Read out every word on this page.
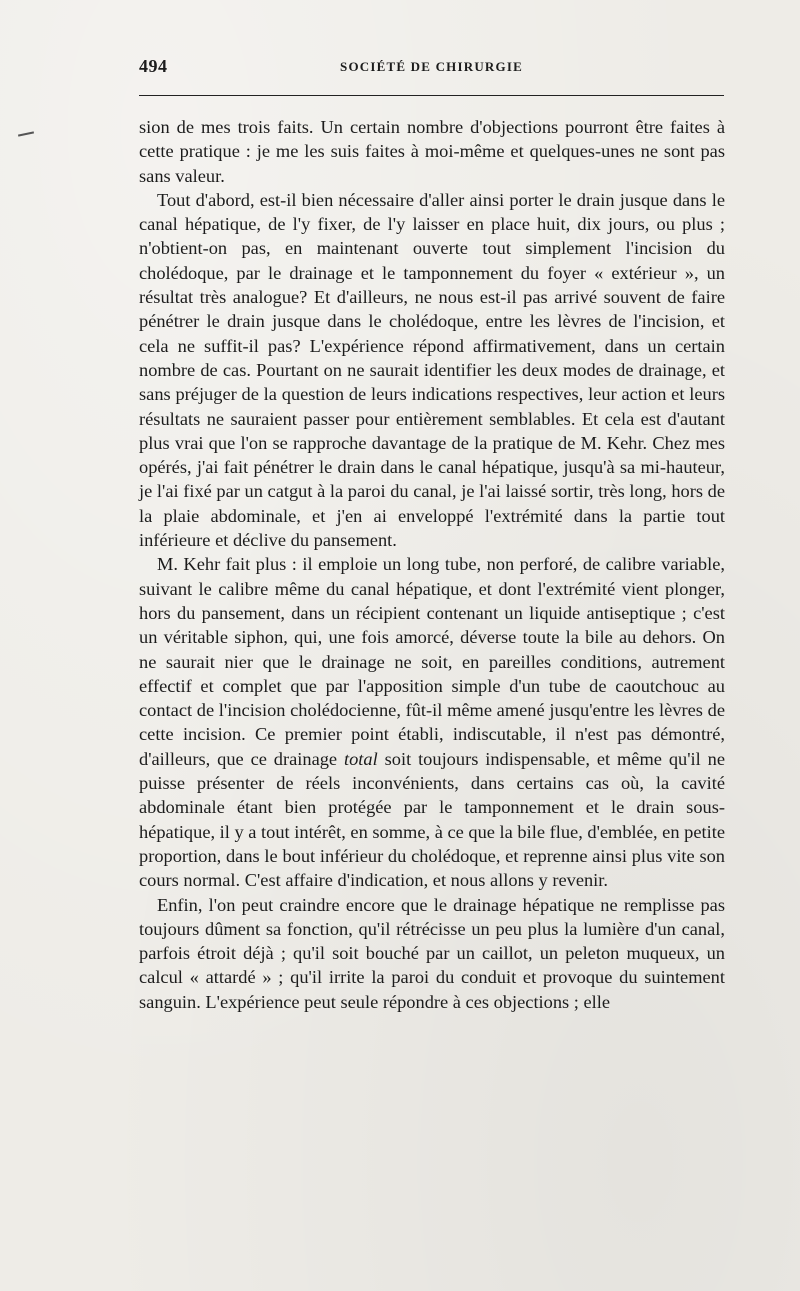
494	SOCIÉTÉ DE CHIRURGIE

sion de mes trois faits. Un certain nombre d'objections pourront être faites à cette pratique : je me les suis faites à moi-même et quelques-unes ne sont pas sans valeur.

Tout d'abord, est-il bien nécessaire d'aller ainsi porter le drain jusque dans le canal hépatique, de l'y fixer, de l'y laisser en place huit, dix jours, ou plus ; n'obtient-on pas, en maintenant ouverte tout simplement l'incision du cholédoque, par le drainage et le tamponnement du foyer « extérieur », un résultat très analogue? Et d'ailleurs, ne nous est-il pas arrivé souvent de faire pénétrer le drain jusque dans le cholédoque, entre les lèvres de l'incision, et cela ne suffit-il pas? L'expérience répond affirmativement, dans un certain nombre de cas. Pourtant on ne saurait identifier les deux modes de drainage, et sans préjuger de la question de leurs indications respectives, leur action et leurs résultats ne sauraient passer pour entièrement semblables. Et cela est d'autant plus vrai que l'on se rapproche davantage de la pratique de M. Kehr. Chez mes opérés, j'ai fait pénétrer le drain dans le canal hépatique, jusqu'à sa mi-hauteur, je l'ai fixé par un catgut à la paroi du canal, je l'ai laissé sortir, très long, hors de la plaie abdominale, et j'en ai enveloppé l'extrémité dans la partie tout inférieure et déclive du pansement.

M. Kehr fait plus : il emploie un long tube, non perforé, de calibre variable, suivant le calibre même du canal hépatique, et dont l'extrémité vient plonger, hors du pansement, dans un récipient contenant un liquide antiseptique ; c'est un véritable siphon, qui, une fois amorcé, déverse toute la bile au dehors. On ne saurait nier que le drainage ne soit, en pareilles conditions, autrement effectif et complet que par l'apposition simple d'un tube de caoutchouc au contact de l'incision cholédocienne, fût-il même amené jusqu'entre les lèvres de cette incision. Ce premier point établi, indiscutable, il n'est pas démontré, d'ailleurs, que ce drainage total soit toujours indispensable, et même qu'il ne puisse présenter de réels inconvénients, dans certains cas où, la cavité abdominale étant bien protégée par le tamponnement et le drain sous-hépatique, il y a tout intérêt, en somme, à ce que la bile flue, d'emblée, en petite proportion, dans le bout inférieur du cholédoque, et reprenne ainsi plus vite son cours normal. C'est affaire d'indication, et nous allons y revenir.

Enfin, l'on peut craindre encore que le drainage hépatique ne remplisse pas toujours dûment sa fonction, qu'il rétrécisse un peu plus la lumière d'un canal, parfois étroit déjà ; qu'il soit bouché par un caillot, un peleton muqueux, un calcul « attardé » ; qu'il irrite la paroi du conduit et provoque du suintement sanguin. L'expérience peut seule répondre à ces objections ; elle
